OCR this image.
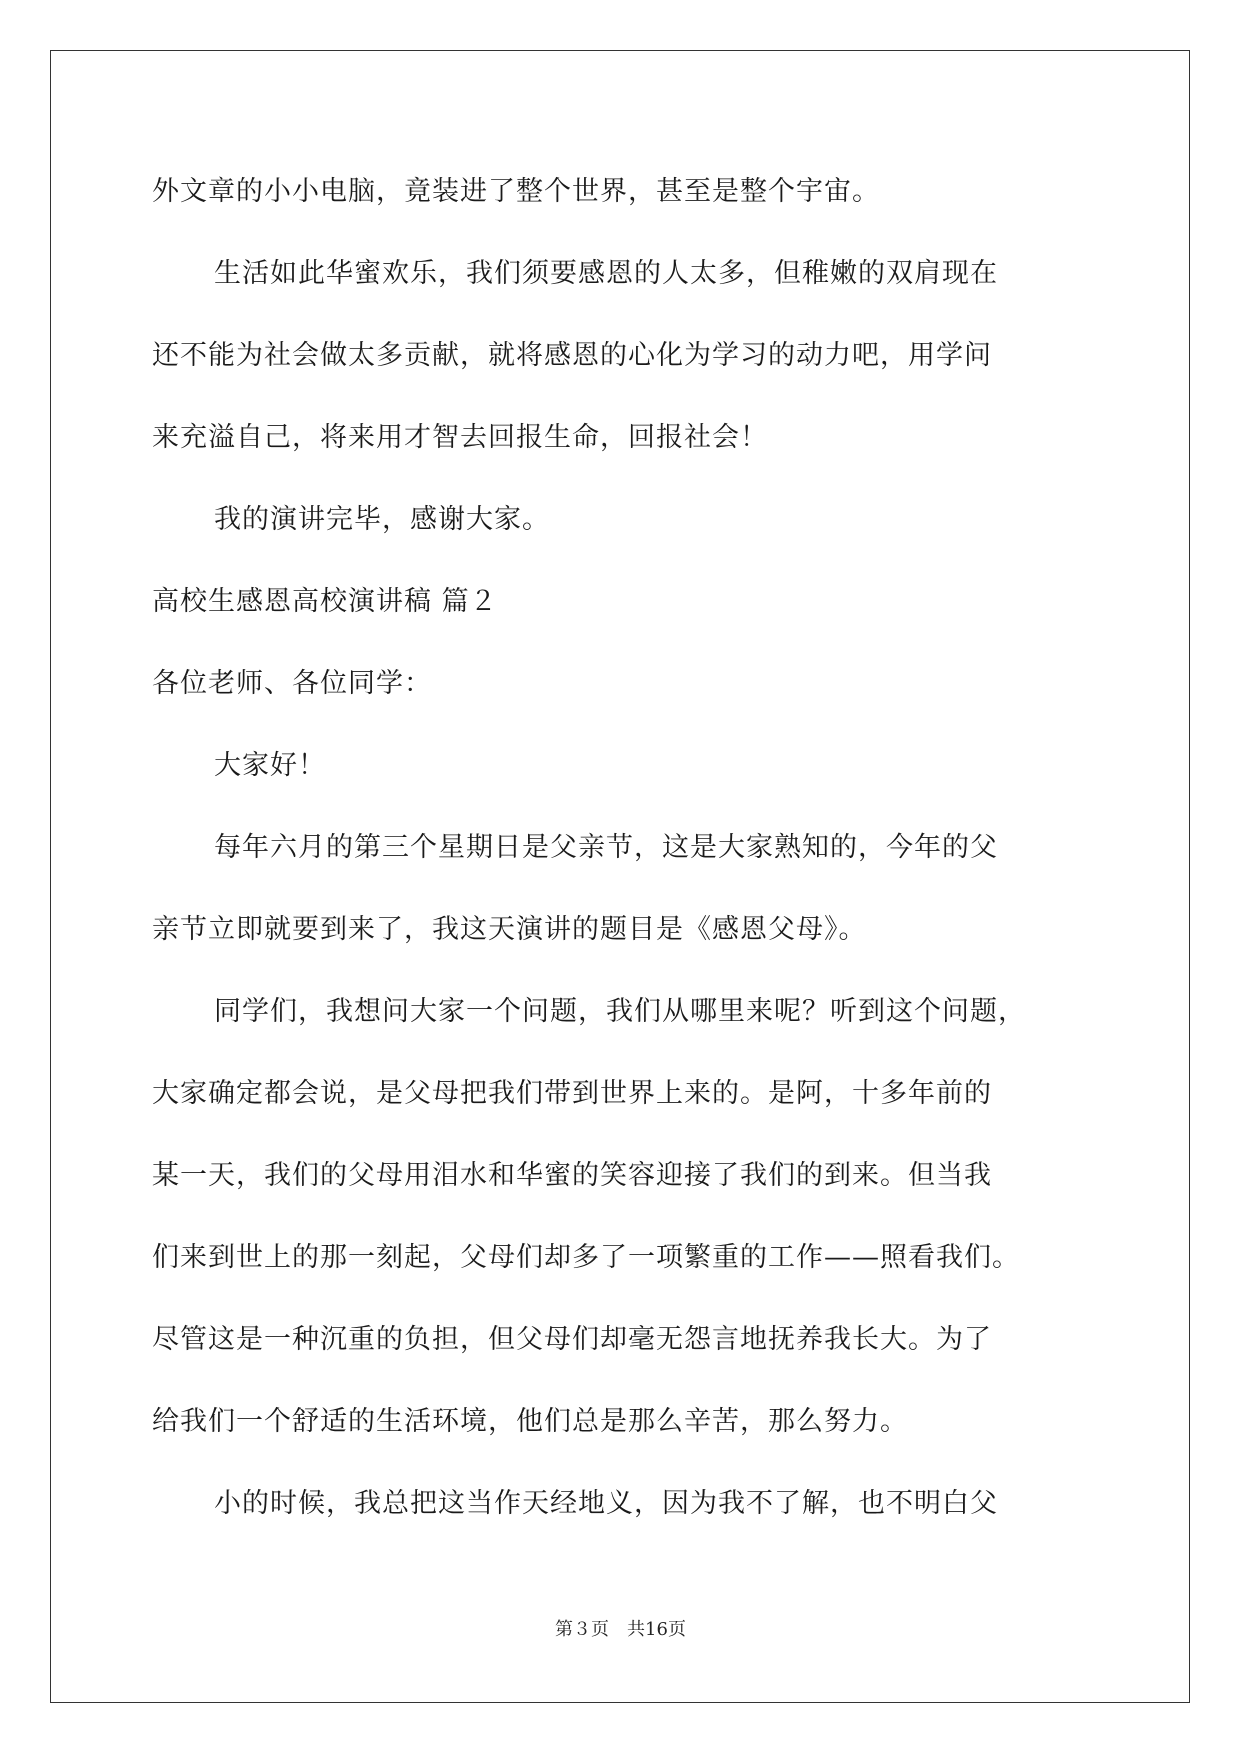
外文章的小小电脑，竟装进了整个世界，甚至是整个宇宙。
生活如此华蜜欢乐，我们须要感恩的人太多，但稚嫩的双肩现在
还不能为社会做太多贡献，就将感恩的心化为学习的动力吧，用学问
来充溢自己，将来用才智去回报生命，回报社会！
我的演讲完毕，感谢大家。
高校生感恩高校演讲稿 篇２
各位老师、各位同学：
大家好！
每年六月的第三个星期日是父亲节，这是大家熟知的，今年的父
亲节立即就要到来了，我这天演讲的题目是《感恩父母》。
同学们，我想问大家一个问题，我们从哪里来呢？听到这个问题，
大家确定都会说，是父母把我们带到世界上来的。是阿，十多年前的
某一天，我们的父母用泪水和华蜜的笑容迎接了我们的到来。但当我
们来到世上的那一刻起，父母们却多了一项繁重的工作——照看我们。
尽管这是一种沉重的负担，但父母们却毫无怨言地抚养我长大。为了
给我们一个舒适的生活环境，他们总是那么辛苦，那么努力。
小的时候，我总把这当作天经地义，因为我不了解，也不明白父
第３页　共16页
